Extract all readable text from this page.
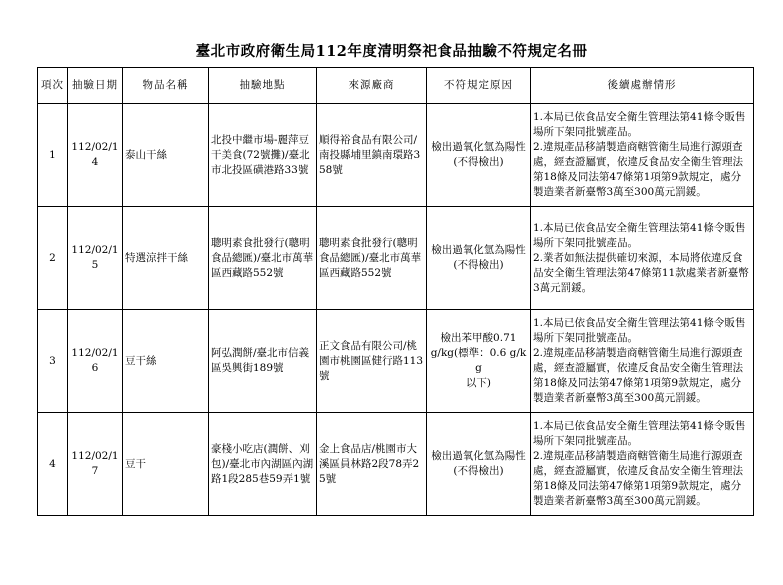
臺北市政府衛生局112年度清明祭祀食品抽驗不符規定名冊
項次	抽驗日期	物品名稱	抽驗地點	來源廠商	不符規定原因	後續處辦情形
1	112/02/14	泰山干絲	北投中繼市場-麗萍豆干美食(72號攤)/臺北市北投區磺港路33號	順得裕食品有限公司/南投縣埔里鎮南環路358號	檢出過氧化氫為陽性
(不得檢出)	1.本局已依食品安全衛生管理法第41條令販售場所下架同批號產品。
2.違規產品移請製造商轄管衛生局進行源頭查處，經查證屬實，依違反食品安全衛生管理法第18條及同法第47條第1項第9款規定，處分製造業者新臺幣3萬至300萬元罰鍰。
2	112/02/15	特選涼拌干絲	聰明素食批發行(聰明食品總匯)/臺北市萬華區西藏路552號	聰明素食批發行(聰明食品總匯)/臺北市萬華區西藏路552號	檢出過氧化氫為陽性
(不得檢出)	1.本局已依食品安全衛生管理法第41條令販售場所下架同批號產品。
2.業者如無法提供確切來源，本局將依違反食品安全衛生管理法第47條第11款處業者新臺幣3萬元罰鍰。
3	112/02/16	豆干絲	阿弘潤餅/臺北市信義區吳興街189號	正文食品有限公司/桃園市桃園區健行路113號	檢出苯甲酸0.71
g/kg(標準：0.6 g/kg
以下)	1.本局已依食品安全衛生管理法第41條令販售場所下架同批號產品。
2.違規產品移請製造商轄管衛生局進行源頭查處，經查證屬實，依違反食品安全衛生管理法第18條及同法第47條第1項第9款規定，處分製造業者新臺幣3萬至300萬元罰鍰。
4	112/02/17	豆干	豪棧小吃店(潤餅、刈包)/臺北市內湖區內湖路1段285巷59弄1號	金上食品店/桃園市大溪區員林路2段78弄25號	檢出過氧化氫為陽性
(不得檢出)	1.本局已依食品安全衛生管理法第41條令販售場所下架同批號產品。
2.違規產品移請製造商轄管衛生局進行源頭查處，經查證屬實，依違反食品安全衛生管理法第18條及同法第47條第1項第9款規定，處分製造業者新臺幣3萬至300萬元罰鍰。
